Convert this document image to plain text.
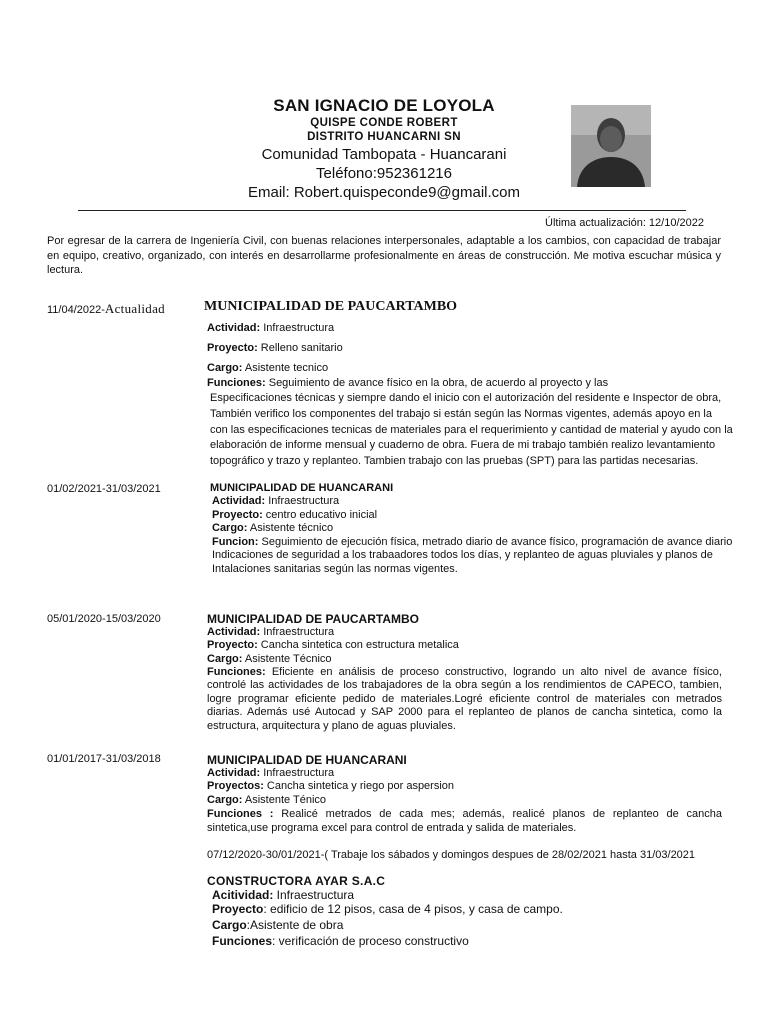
SAN IGNACIO DE LOYOLA
QUISPE CONDE ROBERT
DISTRITO HUANCARNI SN
Comunidad Tambopata - Huancarani
Teléfono:952361216
Email: Robert.quispeconde9@gmail.com
Última actualización: 12/10/2022
Por egresar de la carrera de Ingeniería Civil, con buenas relaciones interpersonales, adaptable a los cambios, con capacidad de trabajar en equipo, creativo, organizado, con interés en desarrollarme profesionalmente en áreas de construcción. Me motiva escuchar música y lectura.
11/04/2022-Actualidad	MUNICIPALIDAD DE PAUCARTAMBO
Actividad: Infraestructura
Proyecto: Relleno sanitario
Cargo: Asistente tecnico
Funciones: Seguimiento de avance físico en la obra, de acuerdo al proyecto y las
Especificaciones técnicas y siempre dando el inicio con el autorización del residente e Inspector de obra,
También verifico los componentes del trabajo si están según las Normas vigentes, además apoyo en la
con las especificaciones tecnicas de materiales para el requerimiento y cantidad de material y ayudo con la
elaboración de informe mensual y cuaderno de obra. Fuera de mi trabajo también realizo levantamiento
topográfico y trazo y replanteo. Tambien trabajo con las pruebas (SPT) para las partidas necesarias.
01/02/2021-31/03/2021	MUNICIPALIDAD DE HUANCARANI
Actividad: Infraestructura
Proyecto: centro educativo inicial
Cargo: Asistente técnico
Funcion: Seguimiento de ejecución física, metrado diario de avance físico, programación de avance diario
Indicaciones de seguridad a los trabaadores todos los días, y replanteo de aguas pluviales y planos de
Intalaciones sanitarias según las normas vigentes.
05/01/2020-15/03/2020	MUNICIPALIDAD DE PAUCARTAMBO
Actividad: Infraestructura
Proyecto: Cancha sintetica con estructura metalica
Cargo: Asistente Técnico
Funciones: Eficiente en análisis de proceso constructivo, logrando un alto nivel de avance físico, controlé las actividades de los trabajadores de la obra según a los rendimientos de CAPECO, tambien, logre programar eficiente pedido de materiales.Logré eficiente control de materiales con metrados diarias. Además usé Autocad y SAP 2000 para el replanteo de planos de cancha sintetica, como la estructura, arquitectura y plano de aguas pluviales.
01/01/2017-31/03/2018	MUNICIPALIDAD DE HUANCARANI
Actividad: Infraestructura
Proyectos: Cancha sintetica y riego por aspersion
Cargo: Asistente Ténico
Funciones : Realicé metrados de cada mes; además, realicé planos de replanteo de cancha sintetica,use programa excel para control de entrada y salida de materiales.
07/12/2020-30/01/2021-( Trabaje los sábados y domingos despues de 28/02/2021 hasta 31/03/2021
CONSTRUCTORA AYAR S.A.C
Acitividad: Infraestructura
Proyecto: edificio de 12 pisos, casa de 4 pisos, y casa de campo.
Cargo:Asistente de obra
Funciones: verificación de proceso constructivo
